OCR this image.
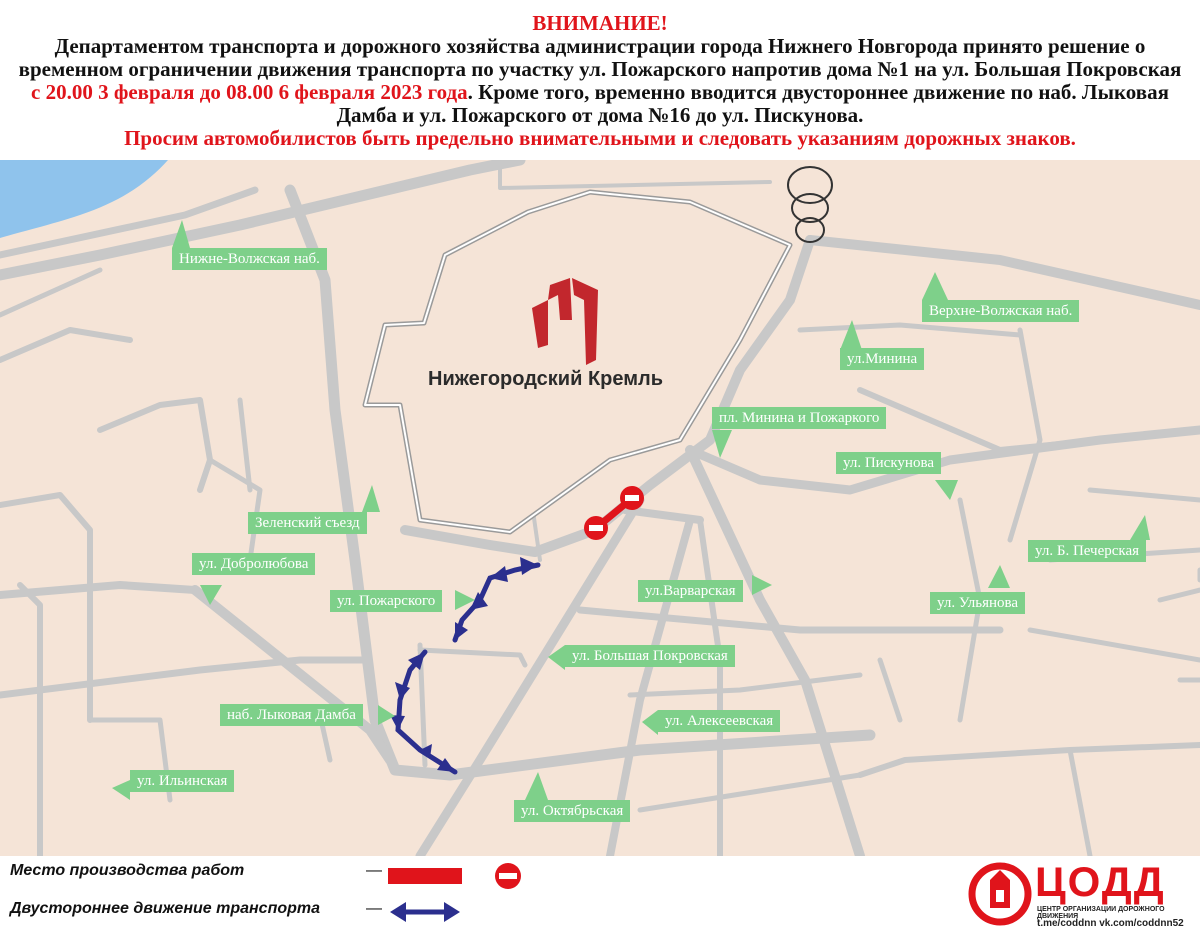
ВНИМАНИЕ!
Департаментом транспорта и дорожного хозяйства администрации города Нижнего Новгорода принято решение о
временном ограничении движения транспорта по участку ул. Пожарского напротив дома №1 на ул. Большая Покровская
с 20.00 3 февраля до 08.00 6 февраля 2023 года. Кроме того, временно вводится двустороннее движение по наб. Лыковая
Дамба и ул. Пожарского от дома №16 до ул. Пискунова.
Просим автомобилистов быть предельно внимательными и следовать указаниям дорожных знаков.
Нижегородский Кремль
Нижне-Волжская наб.
Верхне-Волжская наб.
ул.Минина
пл. Минина и Пожаркого
ул. Пискунова
ул. Б. Печерская
ул. Ульянова
Зеленский съезд
ул. Добролюбова
ул. Пожарского
ул.Варварская
ул. Большая Покровская
наб. Лыковая Дамба	ул. Алексеевская
ул. Ильинская
ул. Октябрьская
Место производства работ
Двустороннее движение транспорта
—
—
ЦОДД
ЦЕНТР ОРГАНИЗАЦИИ ДОРОЖНОГО ДВИЖЕНИЯ
t.me/coddnn vk.com/coddnn52
